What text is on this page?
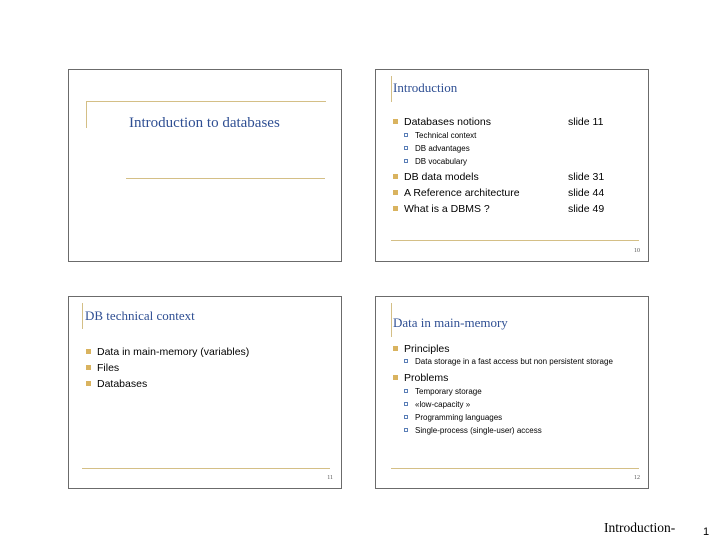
Introduction to databases
Introduction
Databases notions	slide 11
Technical context
DB advantages
DB vocabulary
DB data models	slide 31
A Reference architecture	slide 44
What is a DBMS ?	slide 49
10
DB technical context
Data in main-memory (variables)
Files
Databases
11
Data in main-memory
Principles
Data storage in a fast access but non persistent storage
Problems
Temporary storage
«low-capacity »
Programming languages
Single-process (single-user) access
12
Introduction-	1
